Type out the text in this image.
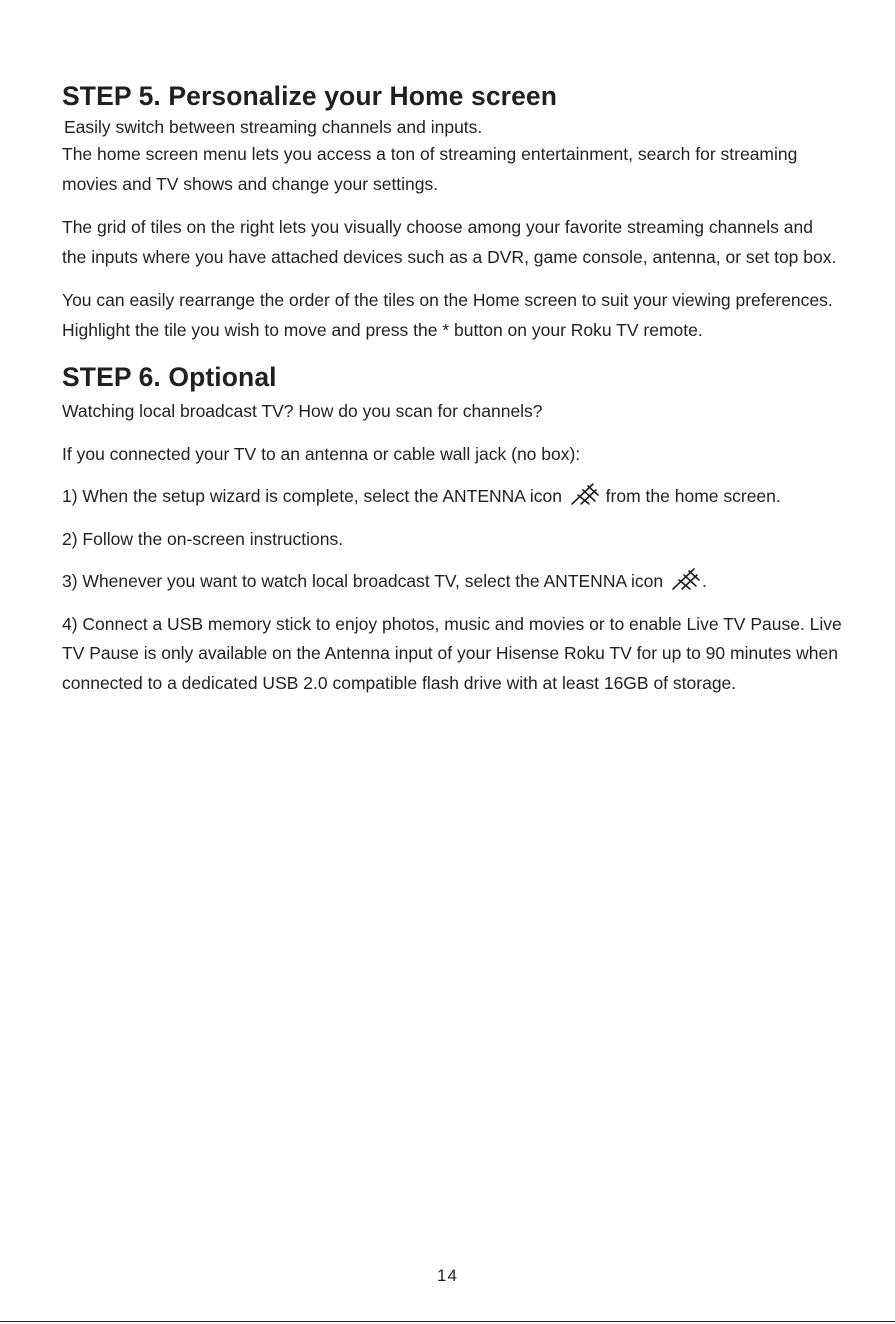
STEP 5. Personalize your Home screen
Easily switch between streaming channels and inputs.

The home screen menu lets you access a ton of streaming entertainment, search for streaming movies and TV shows and change your settings.

The grid of tiles on the right lets you visually choose among your favorite streaming channels and the inputs where you have attached devices such as a DVR, game console, antenna, or set top box.

You can easily rearrange the order of the tiles on the Home screen to suit your viewing preferences. Highlight the tile you wish to move and press the * button on your Roku TV remote.

STEP 6. Optional

Watching local broadcast TV? How do you scan for channels?

If you connected your TV to an antenna or cable wall jack (no box):

1) When the setup wizard is complete, select the ANTENNA icon  from the home screen.

2) Follow the on-screen instructions.

3) Whenever you want to watch local broadcast TV, select the ANTENNA icon .

4) Connect a USB memory stick to enjoy photos, music and movies or to enable Live TV Pause. Live TV Pause is only available on the Antenna input of your Hisense Roku TV for up to 90 minutes when connected to a dedicated USB 2.0 compatible flash drive with at least 16GB of storage.

14
